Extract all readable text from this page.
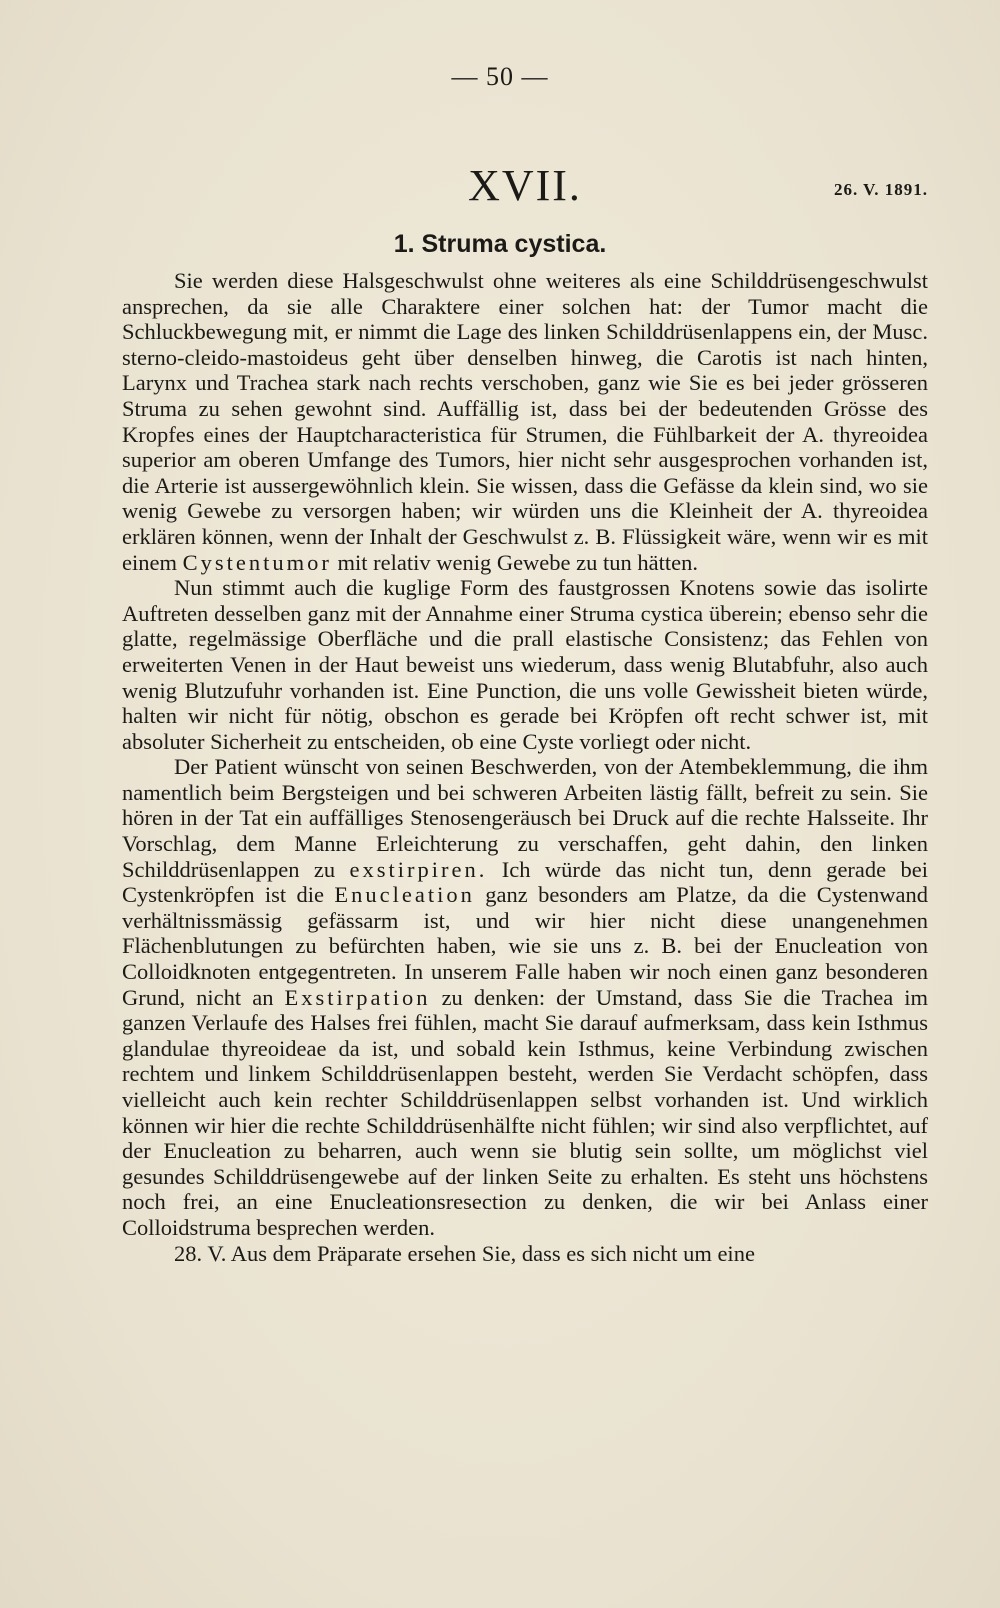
— 50 —
XVII.	26. V. 1891.
1. Struma cystica.

Sie werden diese Halsgeschwulst ohne weiteres als eine Schilddrüsengeschwulst ansprechen, da sie alle Charaktere einer solchen hat: der Tumor macht die Schluckbewegung mit, er nimmt die Lage des linken Schilddrüsenlappens ein, der Musc. sterno-cleido-mastoideus geht über denselben hinweg, die Carotis ist nach hinten, Larynx und Trachea stark nach rechts verschoben, ganz wie Sie es bei jeder grösseren Struma zu sehen gewohnt sind. Auffällig ist, dass bei der bedeutenden Grösse des Kropfes eines der Hauptcharacteristica für Strumen, die Fühlbarkeit der A. thyreoidea superior am oberen Umfange des Tumors, hier nicht sehr ausgesprochen vorhanden ist, die Arterie ist aussergewöhnlich klein. Sie wissen, dass die Gefässe da klein sind, wo sie wenig Gewebe zu versorgen haben; wir würden uns die Kleinheit der A. thyreoidea erklären können, wenn der Inhalt der Geschwulst z. B. Flüssigkeit wäre, wenn wir es mit einem Cystentumor mit relativ wenig Gewebe zu tun hätten.

Nun stimmt auch die kuglige Form des faustgrossen Knotens sowie das isolirte Auftreten desselben ganz mit der Annahme einer Struma cystica überein; ebenso sehr die glatte, regelmässige Oberfläche und die prall elastische Consistenz; das Fehlen von erweiterten Venen in der Haut beweist uns wiederum, dass wenig Blutabfuhr, also auch wenig Blutzufuhr vorhanden ist. Eine Punction, die uns volle Gewissheit bieten würde, halten wir nicht für nötig, obschon es gerade bei Kröpfen oft recht schwer ist, mit absoluter Sicherheit zu entscheiden, ob eine Cyste vorliegt oder nicht.

Der Patient wünscht von seinen Beschwerden, von der Atembeklemmung, die ihm namentlich beim Bergsteigen und bei schweren Arbeiten lästig fällt, befreit zu sein. Sie hören in der Tat ein auffälliges Stenosengeräusch bei Druck auf die rechte Halsseite. Ihr Vorschlag, dem Manne Erleichterung zu verschaffen, geht dahin, den linken Schilddrüsenlappen zu exstirpiren. Ich würde das nicht tun, denn gerade bei Cystenkröpfen ist die Enucleation ganz besonders am Platze, da die Cystenwand verhältnissmässig gefässarm ist, und wir hier nicht diese unangenehmen Flächenblutungen zu befürchten haben, wie sie uns z. B. bei der Enucleation von Colloidknoten entgegentreten. In unserem Falle haben wir noch einen ganz besonderen Grund, nicht an Exstirpation zu denken: der Umstand, dass Sie die Trachea im ganzen Verlaufe des Halses frei fühlen, macht Sie darauf aufmerksam, dass kein Isthmus glandulae thyreoideae da ist, und sobald kein Isthmus, keine Verbindung zwischen rechtem und linkem Schilddrüsenlappen besteht, werden Sie Verdacht schöpfen, dass vielleicht auch kein rechter Schilddrüsenlappen selbst vorhanden ist. Und wirklich können wir hier die rechte Schilddrüsenhälfte nicht fühlen; wir sind also verpflichtet, auf der Enucleation zu beharren, auch wenn sie blutig sein sollte, um möglichst viel gesundes Schilddrüsengewebe auf der linken Seite zu erhalten. Es steht uns höchstens noch frei, an eine Enucleationsresection zu denken, die wir bei Anlass einer Colloidstruma besprechen werden.

28. V. Aus dem Präparate ersehen Sie, dass es sich nicht um eine
